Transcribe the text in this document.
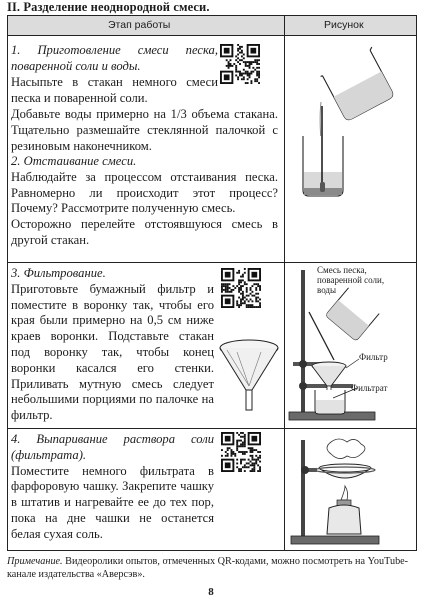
II. Разделение неоднородной смеси.
Этап работы	Рисунок
1. Приготовление смеси песка, поваренной соли и воды.

Насыпьте в стакан немного смеси песка и поваренной соли.

Добавьте воды примерно на 1/3 объема стакана. Тщательно размешайте стеклянной палочкой с резиновым наконечником.

2. Отстаивание смеси.

Наблюдайте за процессом отстаивания песка. Равномерно ли происходит этот процесс? Почему? Рассмотрите полученную смесь.

Осторожно перелейте отстоявшуюся смесь в другой стакан.

3. Фильтрование.

Приготовьте бумажный фильтр и поместите в воронку так, чтобы его края были примерно на 0,5 см ниже краев воронки. Подставьте стакан под воронку так, чтобы конец воронки касался его стенки. Приливать мутную смесь следует небольшими порциями по палочке на фильтр.

4. Выпаривание раствора соли (фильтрата).

Поместите немного фильтрата в фарфоровую чашку. Закрепите чашку в штатив и нагревайте ее до тех пор, пока на дне чашки не останется белая сухая соль.

Смесь песка,
поваренной соли,
воды
Фильтр
Фильтрат
Примечание. Видеоролики опытов, отмеченных QR-кодами, можно посмотреть на YouTube-канале издательства «Аверсэв».
8
